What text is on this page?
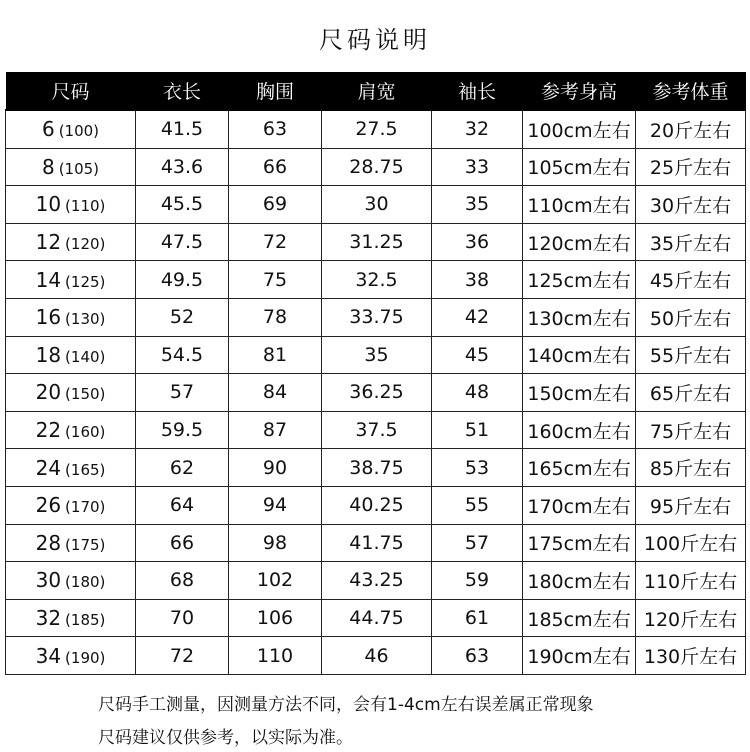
尺码说明
尺码	衣长	胸围	肩宽	袖长	参考身高	参考体重
6 (100)	41.5	63	27.5	32	100cm左右	20斤左右
8 (105)	43.6	66	28.75	33	105cm左右	25斤左右
10 (110)	45.5	69	30	35	110cm左右	30斤左右
12 (120)	47.5	72	31.25	36	120cm左右	35斤左右
14 (125)	49.5	75	32.5	38	125cm左右	45斤左右
16 (130)	52	78	33.75	42	130cm左右	50斤左右
18 (140)	54.5	81	35	45	140cm左右	55斤左右
20 (150)	57	84	36.25	48	150cm左右	65斤左右
22 (160)	59.5	87	37.5	51	160cm左右	75斤左右
24 (165)	62	90	38.75	53	165cm左右	85斤左右
26 (170)	64	94	40.25	55	170cm左右	95斤左右
28 (175)	66	98	41.75	57	175cm左右	100斤左右
30 (180)	68	102	43.25	59	180cm左右	110斤左右
32 (185)	70	106	44.75	61	185cm左右	120斤左右
34 (190)	72	110	46	63	190cm左右	130斤左右
尺码手工测量，因测量方法不同，会有1-4cm左右误差属正常现象
尺码建议仅供参考，以实际为准。
